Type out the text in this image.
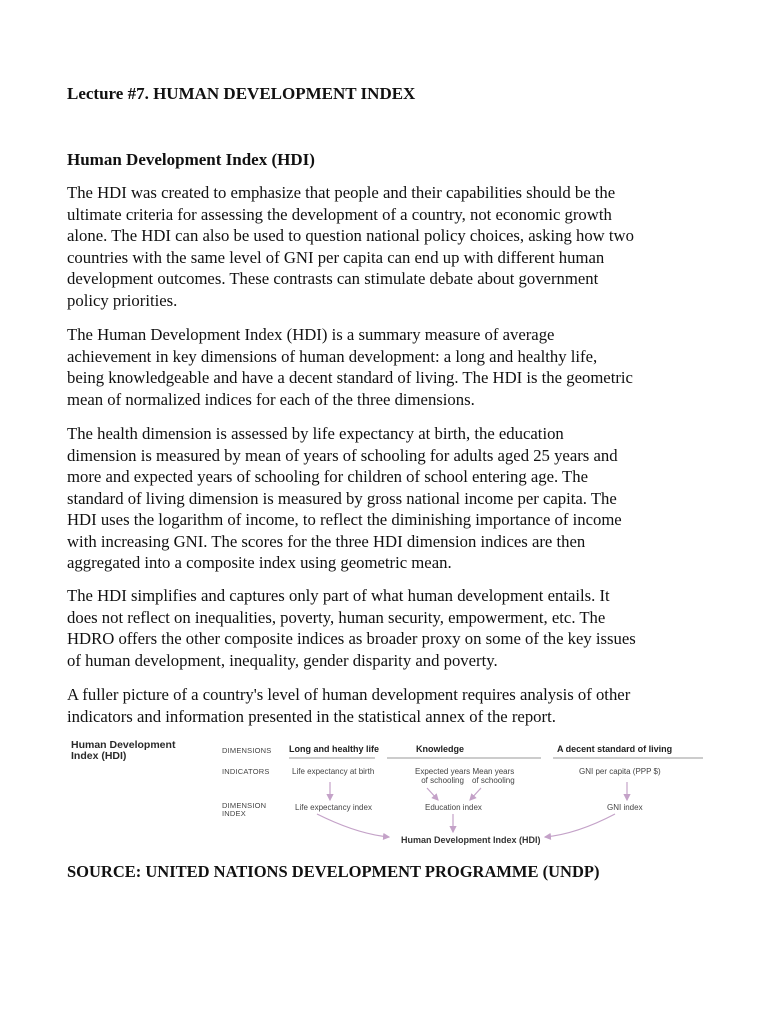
Lecture #7. HUMAN DEVELOPMENT INDEX
Human Development Index (HDI)
The HDI was created to emphasize that people and their capabilities should be the
ultimate criteria for assessing the development of a country, not economic growth
alone. The HDI can also be used to question national policy choices, asking how two
countries with the same level of GNI per capita can end up with different human
development outcomes. These contrasts can stimulate debate about government
policy priorities.
The Human Development Index (HDI) is a summary measure of average
achievement in key dimensions of human development: a long and healthy life,
being knowledgeable and have a decent standard of living. The HDI is the geometric
mean of normalized indices for each of the three dimensions.
The health dimension is assessed by life expectancy at birth, the education
dimension is measured by mean of years of schooling for adults aged 25 years and
more and expected years of schooling for children of school entering age. The
standard of living dimension is measured by gross national income per capita. The
HDI uses the logarithm of income, to reflect the diminishing importance of income
with increasing GNI. The scores for the three HDI dimension indices are then
aggregated into a composite index using geometric mean.
The HDI simplifies and captures only part of what human development entails. It
does not reflect on inequalities, poverty, human security, empowerment, etc. The
HDRO offers the other composite indices as broader proxy on some of the key issues
of human development, inequality, gender disparity and poverty.
A fuller picture of a country's level of human development requires analysis of other
indicators and information presented in the statistical annex of the report.
SOURCE: UNITED NATIONS DEVELOPMENT PROGRAMME (UNDP)
Human Development
Index (HDI)	DIMENSIONS
INDICATORS
DIMENSION
INDEX
Long and healthy life	Knowledge	A decent standard of living
Life expectancy at birth	Expected years
of schooling
Mean years
of schooling
GNI per capita (PPP $)
Life expectancy index	Education index	GNI index
Human Development Index (HDI)
